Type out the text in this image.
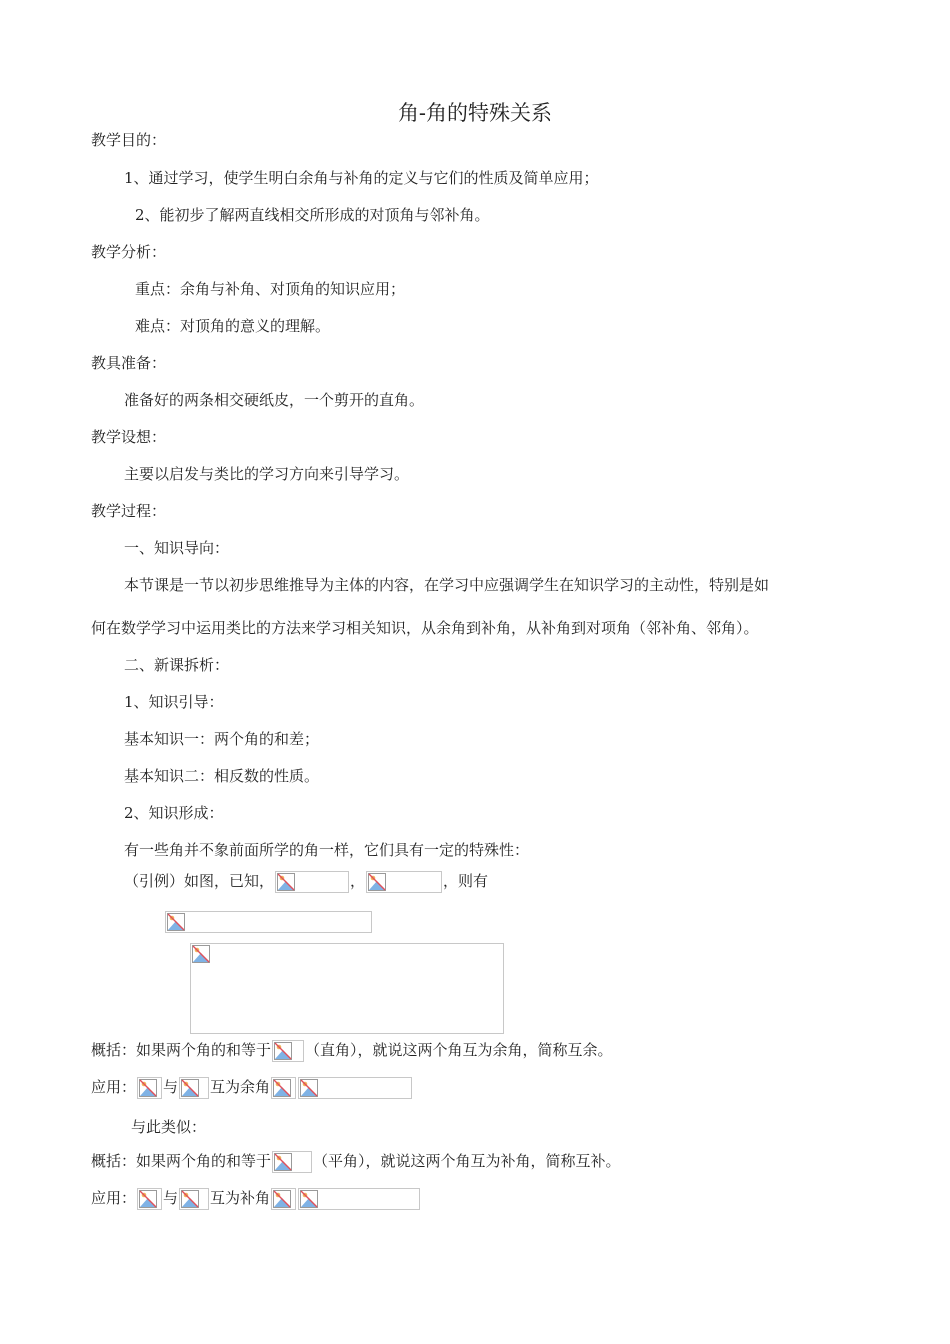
角-角的特殊关系
教学目的：
1、通过学习，使学生明白余角与补角的定义与它们的性质及简单应用；
2、能初步了解两直线相交所形成的对顶角与邻补角。
教学分析：
重点：余角与补角、对顶角的知识应用；
难点：对顶角的意义的理解。
教具准备：
准备好的两条相交硬纸皮，一个剪开的直角。
教学设想：
主要以启发与类比的学习方向来引导学习。
教学过程：
一、知识导向：
本节课是一节以初步思维推导为主体的内容，在学习中应强调学生在知识学习的主动性，特别是如
何在数学学习中运用类比的方法来学习相关知识，从余角到补角，从补角到对项角（邻补角、邻角）。
二、新课拆析：
1、知识引导：
基本知识一：两个角的和差；
基本知识二：相反数的性质。
2、知识形成：
有一些角并不象前面所学的角一样，它们具有一定的特殊性：
（引例）如图，已知，	，	，则有
概括：如果两个角的和等于 （直角），就说这两个角互为余角，简称互余。
应用： 与 互为余角
与此类似：
概括：如果两个角的和等于	（平角），就说这两个角互为补角，简称互补。
应用： 与 互为补角
